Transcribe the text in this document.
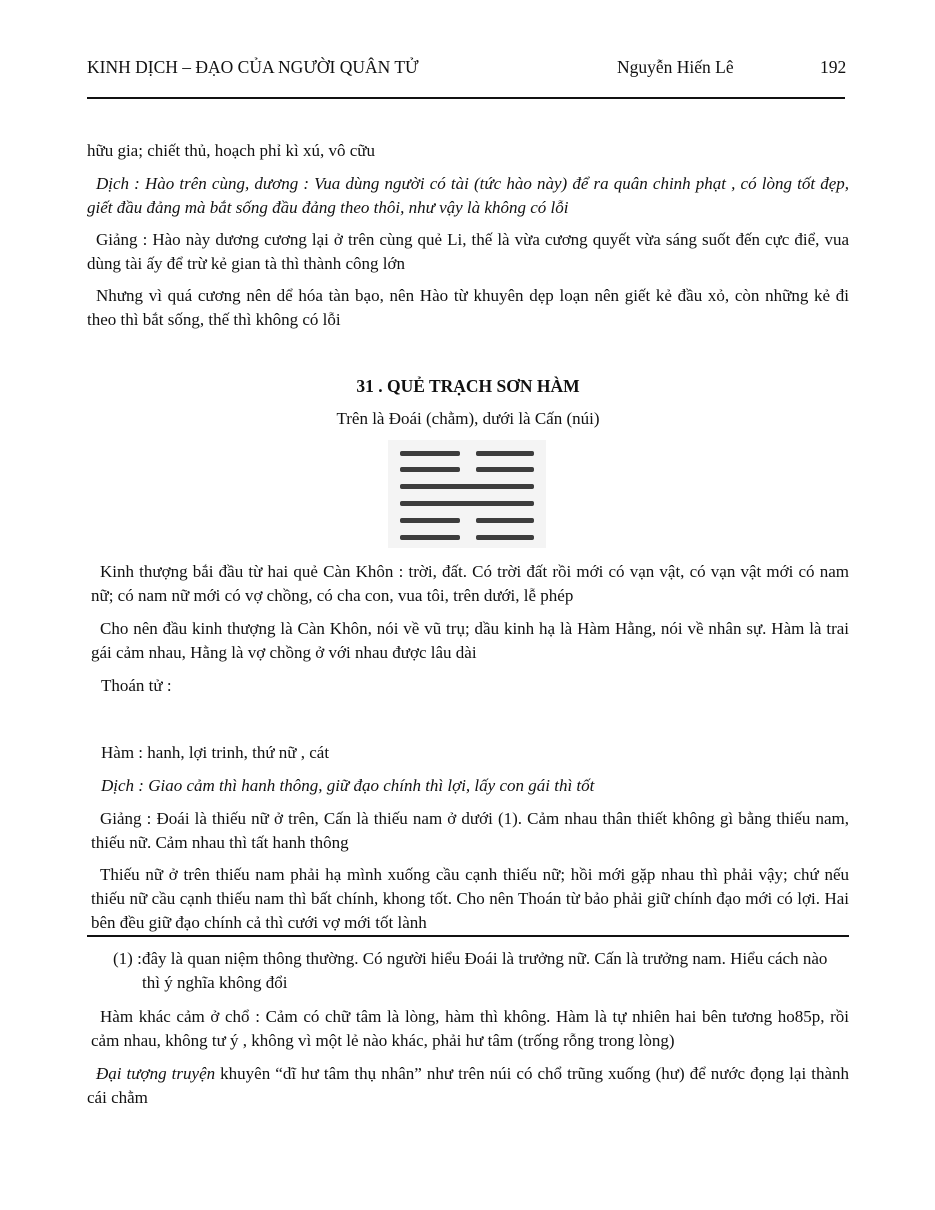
KINH DỊCH – ĐẠO CỦA NGƯỜI QUÂN TỬ	Nguyễn Hiến Lê	192
hữu gia; chiết thủ, hoạch phỉ kì xú, vô cữu
Dịch : Hào trên cùng, dương : Vua dùng người có tài (tức hào này) để ra quân chinh phạt , có lòng tốt đẹp, giết đầu đảng mà bắt sống đầu đảng theo thôi, như vậy là không có lỗi
Giảng : Hào này dương cương lại ở trên cùng quẻ Li, thế là vừa cương quyết vừa sáng suốt đến cực điể, vua dùng tài ấy để trừ kẻ gian tà thì thành công lớn
Nhưng vì quá cương nên dể hóa tàn bạo, nên Hào từ khuyên dẹp loạn nên giết kẻ đầu xỏ, còn những kẻ đi theo thì bắt sống, thế thì không có lỗi
31 . QUẺ TRẠCH SƠN HÀM
Trên là Đoái (chằm), dưới là Cấn (núi)
Kinh thượng bắi đầu từ hai quẻ Càn Khôn : trời, đất. Có trời đất rồi mới có vạn vật, có vạn vật mới có nam nữ; có nam nữ mới có vợ chồng, có cha con, vua tôi, trên dưới, lễ phép
Cho nên đầu kinh thượng là Càn Khôn, nói về vũ trụ; dầu kinh hạ là Hàm Hằng, nói về nhân sự. Hàm là trai gái cảm nhau, Hằng là vợ chồng ở với nhau được lâu dài
Thoán tử :
Hàm : hanh, lợi trinh, thứ nữ , cát
Dịch : Giao cảm thì hanh thông, giữ đạo chính thì lợi, lấy con gái thì tốt
Giảng : Đoái là thiếu nữ ở trên, Cấn là thiếu nam ở dưới (1). Cảm nhau thân thiết không gì bằng thiếu nam, thiếu nữ. Cảm nhau thì tất hanh thông
Thiếu nữ ở trên thiếu nam phải hạ mình xuống cầu cạnh thiếu nữ; hồi mới gặp nhau thì phải vậy; chứ nếu thiếu nữ cầu cạnh thiếu nam thì bất chính, khong tốt. Cho nên Thoán từ bảo phải giữ chính đạo mới có lợi. Hai bên đều giữ đạo chính cả thì cưới vợ mới tốt lành
(1) : đây là quan niệm thông thường. Có người hiểu Đoái là trưởng nữ. Cấn là trưởng nam. Hiểu cách nào thì ý nghĩa không đổi
Hàm khác cảm ở chổ : Cảm có chữ tâm là lòng, hàm thì không. Hàm là tự nhiên hai bên tương ho85p, rồi cảm nhau, không tư ý , không vì một lẻ nào khác, phải hư tâm (trống rỗng trong lòng)
Đại tượng truyện khuyên “dĩ hư tâm thụ nhân” như trên núi có chổ trũng xuống (hư) để nước đọng lại thành cái chằm
